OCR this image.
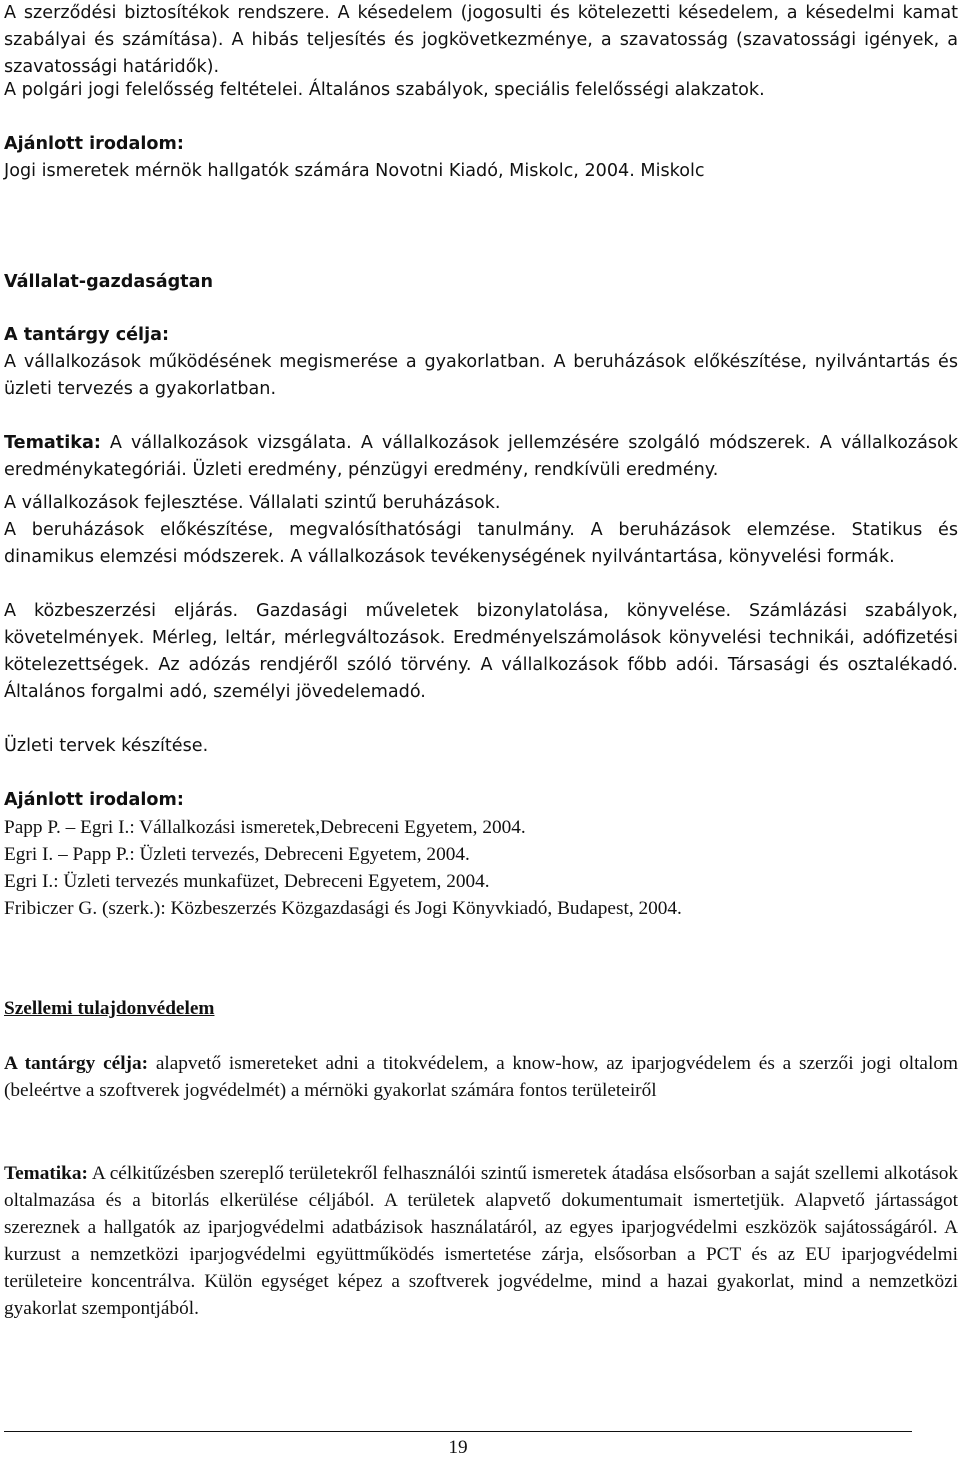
A szerződési biztosítékok rendszere. A késedelem (jogosulti és kötelezetti késedelem, a késedelmi kamat szabályai és számítása). A hibás teljesítés és jogkövetkezménye, a szavatosság (szavatossági igények, a szavatossági határidők).

A polgári jogi felelősség feltételei. Általános szabályok, speciális felelősségi alakzatok.

Ajánlott irodalom:

Jogi ismeretek mérnök hallgatók számára Novotni Kiadó, Miskolc, 2004. Miskolc

Vállalat-gazdaságtan

A tantárgy célja:

A vállalkozások működésének megismerése a gyakorlatban. A beruházások előkészítése, nyilvántartás és üzleti tervezés a gyakorlatban.

Tematika: A vállalkozások vizsgálata. A vállalkozások jellemzésére szolgáló módszerek. A vállalkozások eredménykategóriái. Üzleti eredmény, pénzügyi eredmény, rendkívüli eredmény.

A vállalkozások fejlesztése. Vállalati szintű beruházások.

A beruházások előkészítése, megvalósíthatósági tanulmány. A beruházások elemzése. Statikus és dinamikus elemzési módszerek. A vállalkozások tevékenységének nyilvántartása, könyvelési formák.

A közbeszerzési eljárás. Gazdasági műveletek bizonylatolása, könyvelése. Számlázási szabályok, követelmények. Mérleg, leltár, mérlegváltozások. Eredményelszámolások könyvelési technikái, adófizetési kötelezettségek. Az adózás rendjéről szóló törvény. A vállalkozások főbb adói. Társasági és osztalékadó. Általános forgalmi adó, személyi jövedelemadó.

Üzleti tervek készítése.

Ajánlott irodalom:

Papp P. – Egri I.: Vállalkozási ismeretek,Debreceni Egyetem, 2004.
Egri I. – Papp P.: Üzleti tervezés, Debreceni Egyetem, 2004.
Egri I.: Üzleti tervezés munkafüzet, Debreceni Egyetem, 2004.
Fribiczer G. (szerk.): Közbeszerzés Közgazdasági és Jogi Könyvkiadó, Budapest, 2004.

Szellemi tulajdonvédelem

A tantárgy célja: alapvető ismereteket adni a titokvédelem, a know-how, az iparjogvédelem és a szerzői jogi oltalom (beleértve a szoftverek jogvédelmét) a mérnöki gyakorlat számára fontos területeiről

Tematika: A célkitűzésben szereplő területekről felhasználói szintű ismeretek átadása elsősorban a saját szellemi alkotások oltalmazása és a bitorlás elkerülése céljából. A területek alapvető dokumentumait ismertetjük. Alapvető jártasságot szereznek a hallgatók az iparjogvédelmi adatbázisok használatáról, az egyes iparjogvédelmi eszközök sajátosságáról. A kurzust a nemzetközi iparjogvédelmi együttműködés ismertetése zárja, elsősorban a PCT és az EU iparjogvédelmi területeire koncentrálva. Külön egységet képez a szoftverek jogvédelme, mind a hazai gyakorlat, mind a nemzetközi gyakorlat szempontjából.

19
